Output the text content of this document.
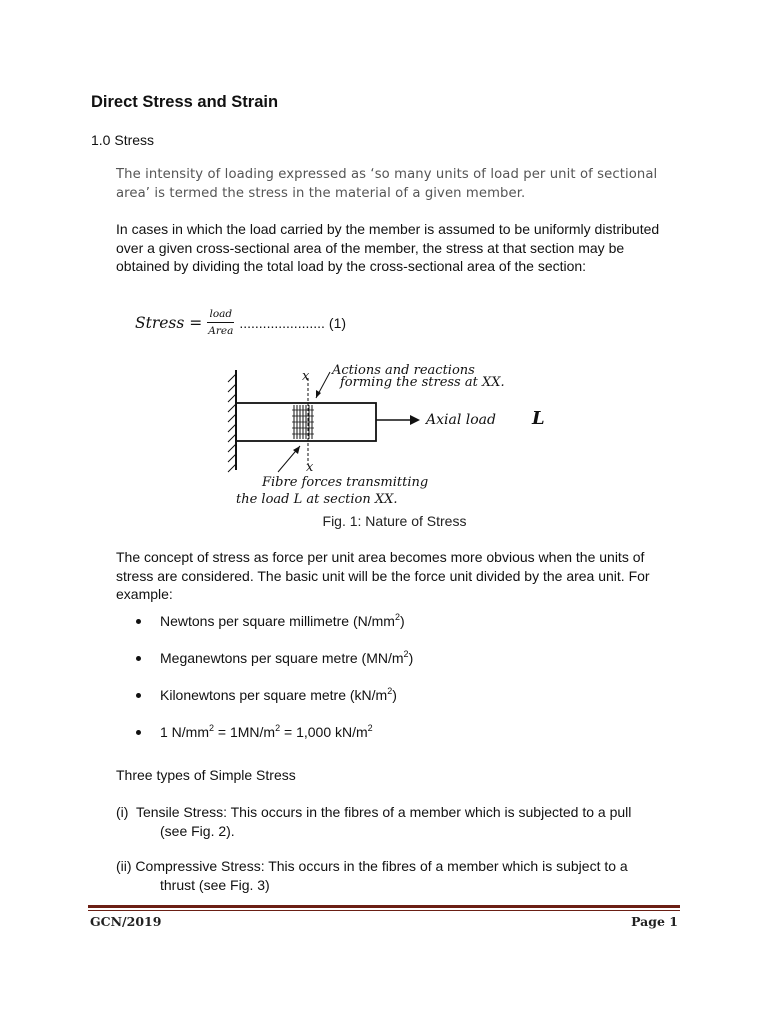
Direct Stress and Strain
1.0 Stress
The intensity of loading expressed as ‘so many units of load per unit of sectional area’ is termed the stress in the material of a given member.
In cases in which the load carried by the member is assumed to be uniformly distributed over a given cross-sectional area of the member, the stress at that section may be obtained by dividing the total load by the cross-sectional area of the section:
Stress = $\frac{\text{load}}{\text{Area}}$ ...................... (1)
x
x
Actions and reactions
forming the stress at XX.
Axial load L
Fibre forces transmitting
the load L at section XX.
Fig. 1: Nature of Stress
The concept of stress as force per unit area becomes more obvious when the units of stress are considered. The basic unit will be the force unit divided by the area unit. For example:
Newtons per square millimetre $(N/mm^2)$
Meganewtons per square metre $(MN/m^2)$
Kilonewtons per square metre $(kN/m^2)$
1 $N/mm^2 = 1MN/m^2 = 1,000$ $kN/m^2$
Three types of Simple Stress
(i)  Tensile Stress: This occurs in the fibres of a member which is subjected to a pull
(see Fig. 2).
(ii) Compressive Stress: This occurs in the fibres of a member which is subject to a
thrust (see Fig. 3)
GCN/2019	Page 1
